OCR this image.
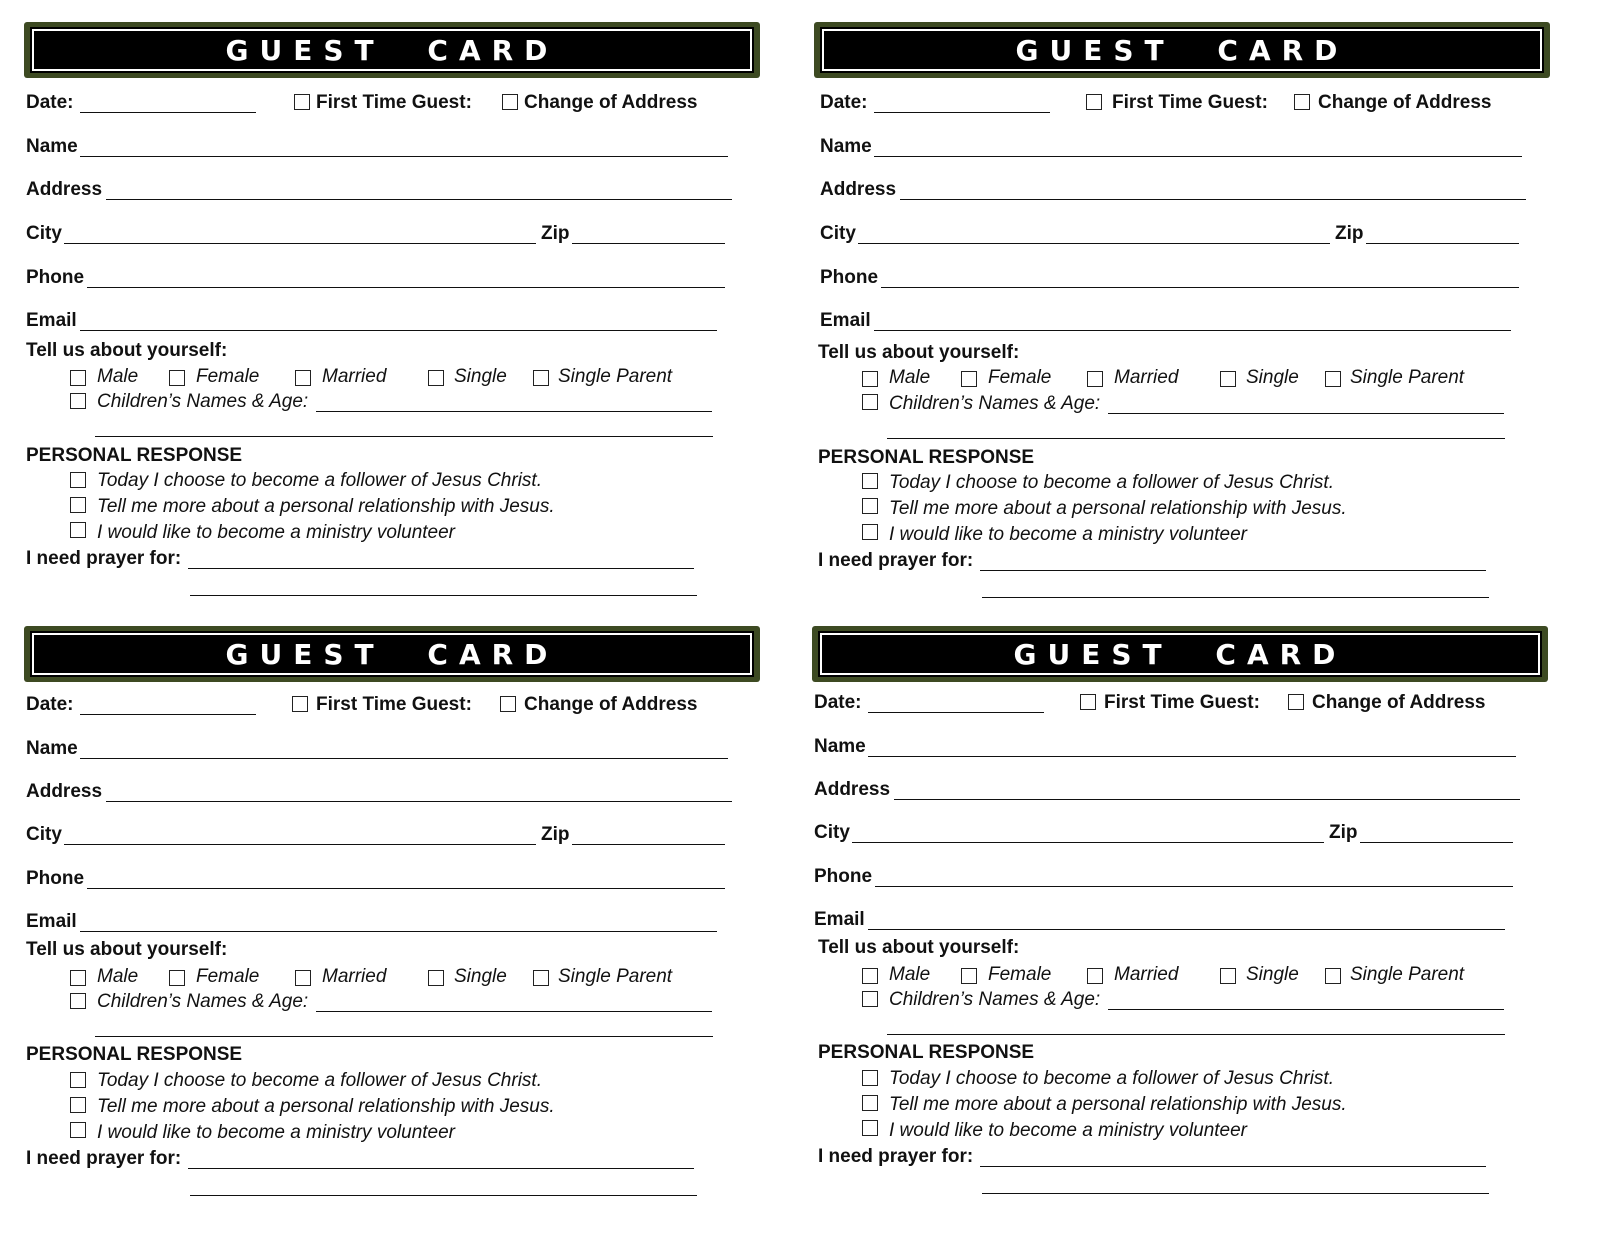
GUEST CARD
Date:	First Time Guest:	Change of Address
Name
Address
City	Zip
Phone
Email
Tell us about yourself:
Male	Female	Married	Single	Single Parent
Children’s Names & Age:
PERSONAL RESPONSE
Today I choose to become a follower of Jesus Christ.
Tell me more about a personal relationship with Jesus.
I would like to become a ministry volunteer
I need prayer for:
GUEST CARD
Date:	First Time Guest:	Change of Address
Name
Address
City	Zip
Phone
Email
Tell us about yourself:
Male	Female	Married	Single	Single Parent
Children’s Names & Age:
PERSONAL RESPONSE
Today I choose to become a follower of Jesus Christ.
Tell me more about a personal relationship with Jesus.
I would like to become a ministry volunteer
I need prayer for:
GUEST CARD
Date:	First Time Guest:	Change of Address
Name
Address
City	Zip
Phone
Email
Tell us about yourself:
Male	Female	Married	Single	Single Parent
Children’s Names & Age:
PERSONAL RESPONSE
Today I choose to become a follower of Jesus Christ.
Tell me more about a personal relationship with Jesus.
I would like to become a ministry volunteer
I need prayer for:
GUEST CARD
Date:	First Time Guest:	Change of Address
Name
Address
City	Zip
Phone
Email
Tell us about yourself:
Male	Female	Married	Single	Single Parent
Children’s Names & Age:
PERSONAL RESPONSE
Today I choose to become a follower of Jesus Christ.
Tell me more about a personal relationship with Jesus.
I would like to become a ministry volunteer
I need prayer for:
